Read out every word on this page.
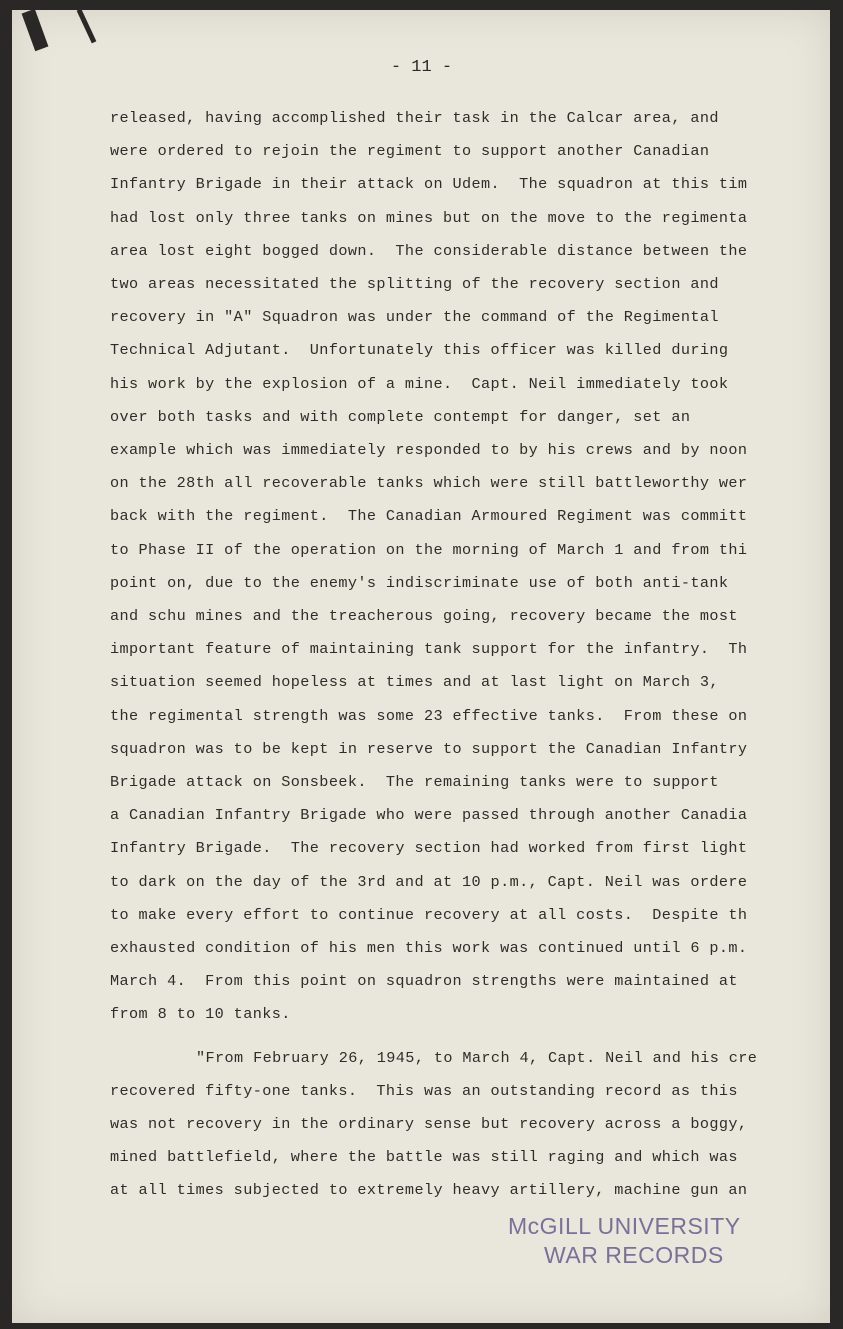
- 11 -
released, having accomplished their task in the Calcar area, and
were ordered to rejoin the regiment to support another Canadian
Infantry Brigade in their attack on Udem.  The squadron at this tim
had lost only three tanks on mines but on the move to the regimenta
area lost eight bogged down.  The considerable distance between the
two areas necessitated the splitting of the recovery section and
recovery in "A" Squadron was under the command of the Regimental
Technical Adjutant.  Unfortunately this officer was killed during
his work by the explosion of a mine.  Capt. Neil immediately took
over both tasks and with complete contempt for danger, set an
example which was immediately responded to by his crews and by noon
on the 28th all recoverable tanks which were still battleworthy wer
back with the regiment.  The Canadian Armoured Regiment was committ
to Phase II of the operation on the morning of March 1 and from thi
point on, due to the enemy's indiscriminate use of both anti-tank
and schu mines and the treacherous going, recovery became the most
important feature of maintaining tank support for the infantry.  Th
situation seemed hopeless at times and at last light on March 3,
the regimental strength was some 23 effective tanks.  From these on
squadron was to be kept in reserve to support the Canadian Infantry
Brigade attack on Sonsbeek.  The remaining tanks were to support
a Canadian Infantry Brigade who were passed through another Canadia
Infantry Brigade.  The recovery section had worked from first light
to dark on the day of the 3rd and at 10 p.m., Capt. Neil was ordere
to make every effort to continue recovery at all costs.  Despite th
exhausted condition of his men this work was continued until 6 p.m.
March 4.  From this point on squadron strengths were maintained at
from 8 to 10 tanks.
"From February 26, 1945, to March 4, Capt. Neil and his cre
recovered fifty-one tanks.  This was an outstanding record as this
was not recovery in the ordinary sense but recovery across a boggy,
mined battlefield, where the battle was still raging and which was
at all times subjected to extremely heavy artillery, machine gun an
McGILL UNIVERSITY
WAR RECORDS
